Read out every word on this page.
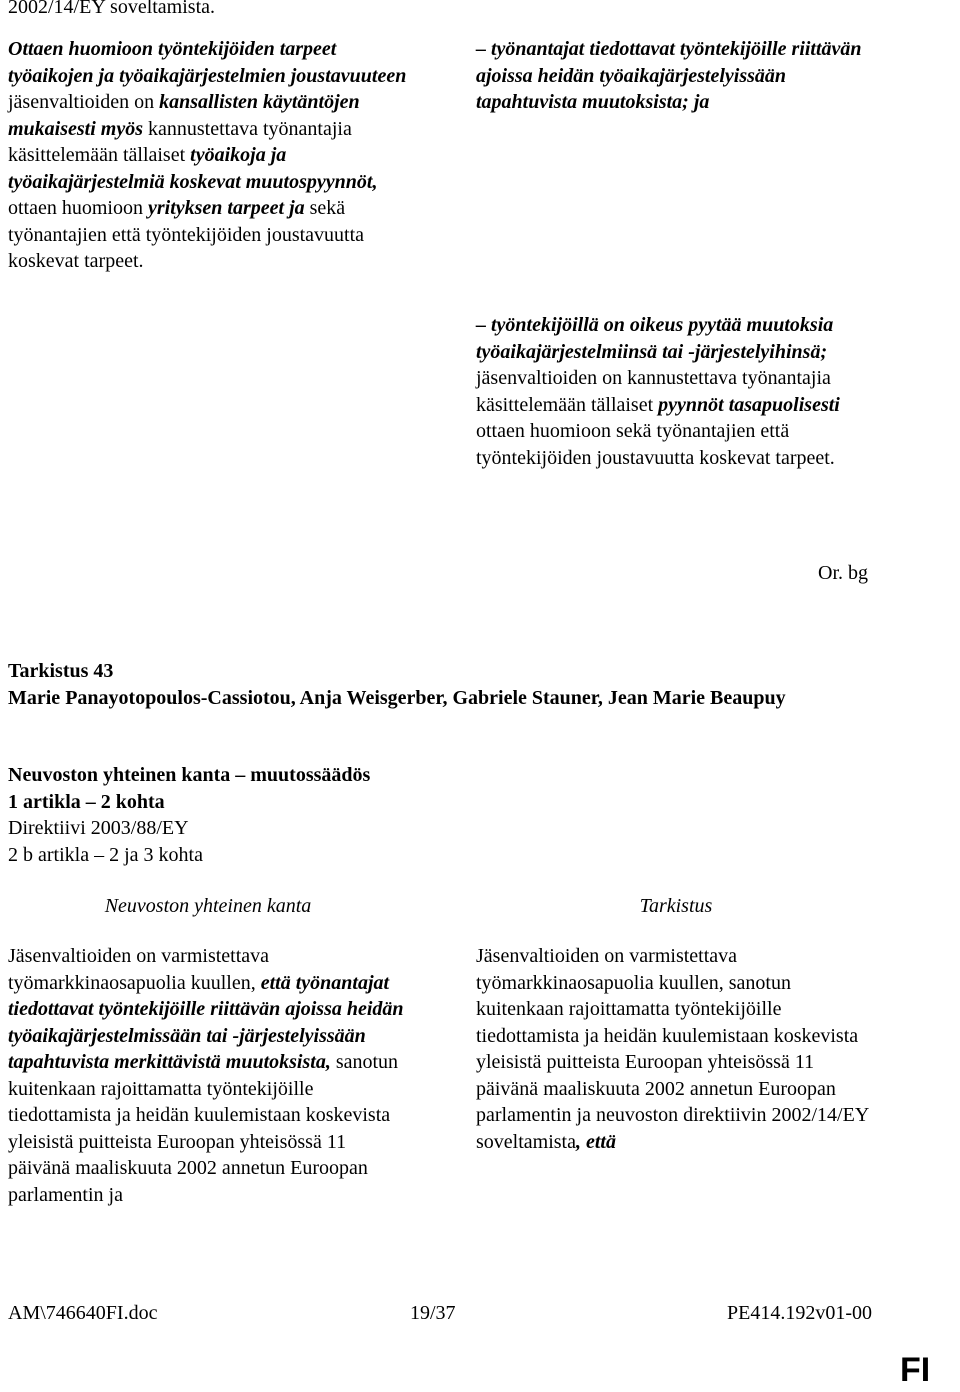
2002/14/EY soveltamista.

Ottaen huomioon työntekijöiden tarpeet työaikojen ja työaikajärjestelmien joustavuuteen jäsenvaltioiden on kansallisten käytäntöjen mukaisesti myös kannustettava työnantajia käsittelemään tällaiset työaikoja ja työaikajärjestelmiä koskevat muutospyynnöt, ottaen huomioon yrityksen tarpeet ja sekä työnantajien että työntekijöiden joustavuutta koskevat tarpeet.

– työnantajat tiedottavat työntekijöille riittävän ajoissa heidän työaikajärjestelyissään tapahtuvista muutoksista; ja

– työntekijöillä on oikeus pyytää muutoksia työaikajärjestelmiinsä tai -järjestelyihinsä; jäsenvaltioiden on kannustettava työnantajia käsittelemään tällaiset pyynnöt tasapuolisesti ottaen huomioon sekä työnantajien että työntekijöiden joustavuutta koskevat tarpeet.

Or. bg

Tarkistus 43
Marie Panayotopoulos-Cassiotou, Anja Weisgerber, Gabriele Stauner, Jean Marie Beaupuy
Neuvoston yhteinen kanta – muutossäädös
1 artikla – 2 kohta
Direktiivi 2003/88/EY
2 b artikla – 2 ja 3 kohta
Neuvoston yhteinen kanta	Tarkistus

Jäsenvaltioiden on varmistettava työmarkkinaosapuolia kuullen, että työnantajat tiedottavat työntekijöille riittävän ajoissa heidän työaikajärjestelmissään tai -järjestelyissään tapahtuvista merkittävistä muutoksista, sanotun kuitenkaan rajoittamatta työntekijöille tiedottamista ja heidän kuulemistaan koskevista yleisistä puitteista Euroopan yhteisössä 11 päivänä maaliskuuta 2002 annetun Euroopan parlamentin ja

Jäsenvaltioiden on varmistettava työmarkkinaosapuolia kuullen, sanotun kuitenkaan rajoittamatta työntekijöille tiedottamista ja heidän kuulemistaan koskevista yleisistä puitteista Euroopan yhteisössä 11 päivänä maaliskuuta 2002 annetun Euroopan parlamentin ja neuvoston direktiivin 2002/14/EY soveltamista, että

AM\746640FI.doc	19/37	PE414.192v01-00
FI
